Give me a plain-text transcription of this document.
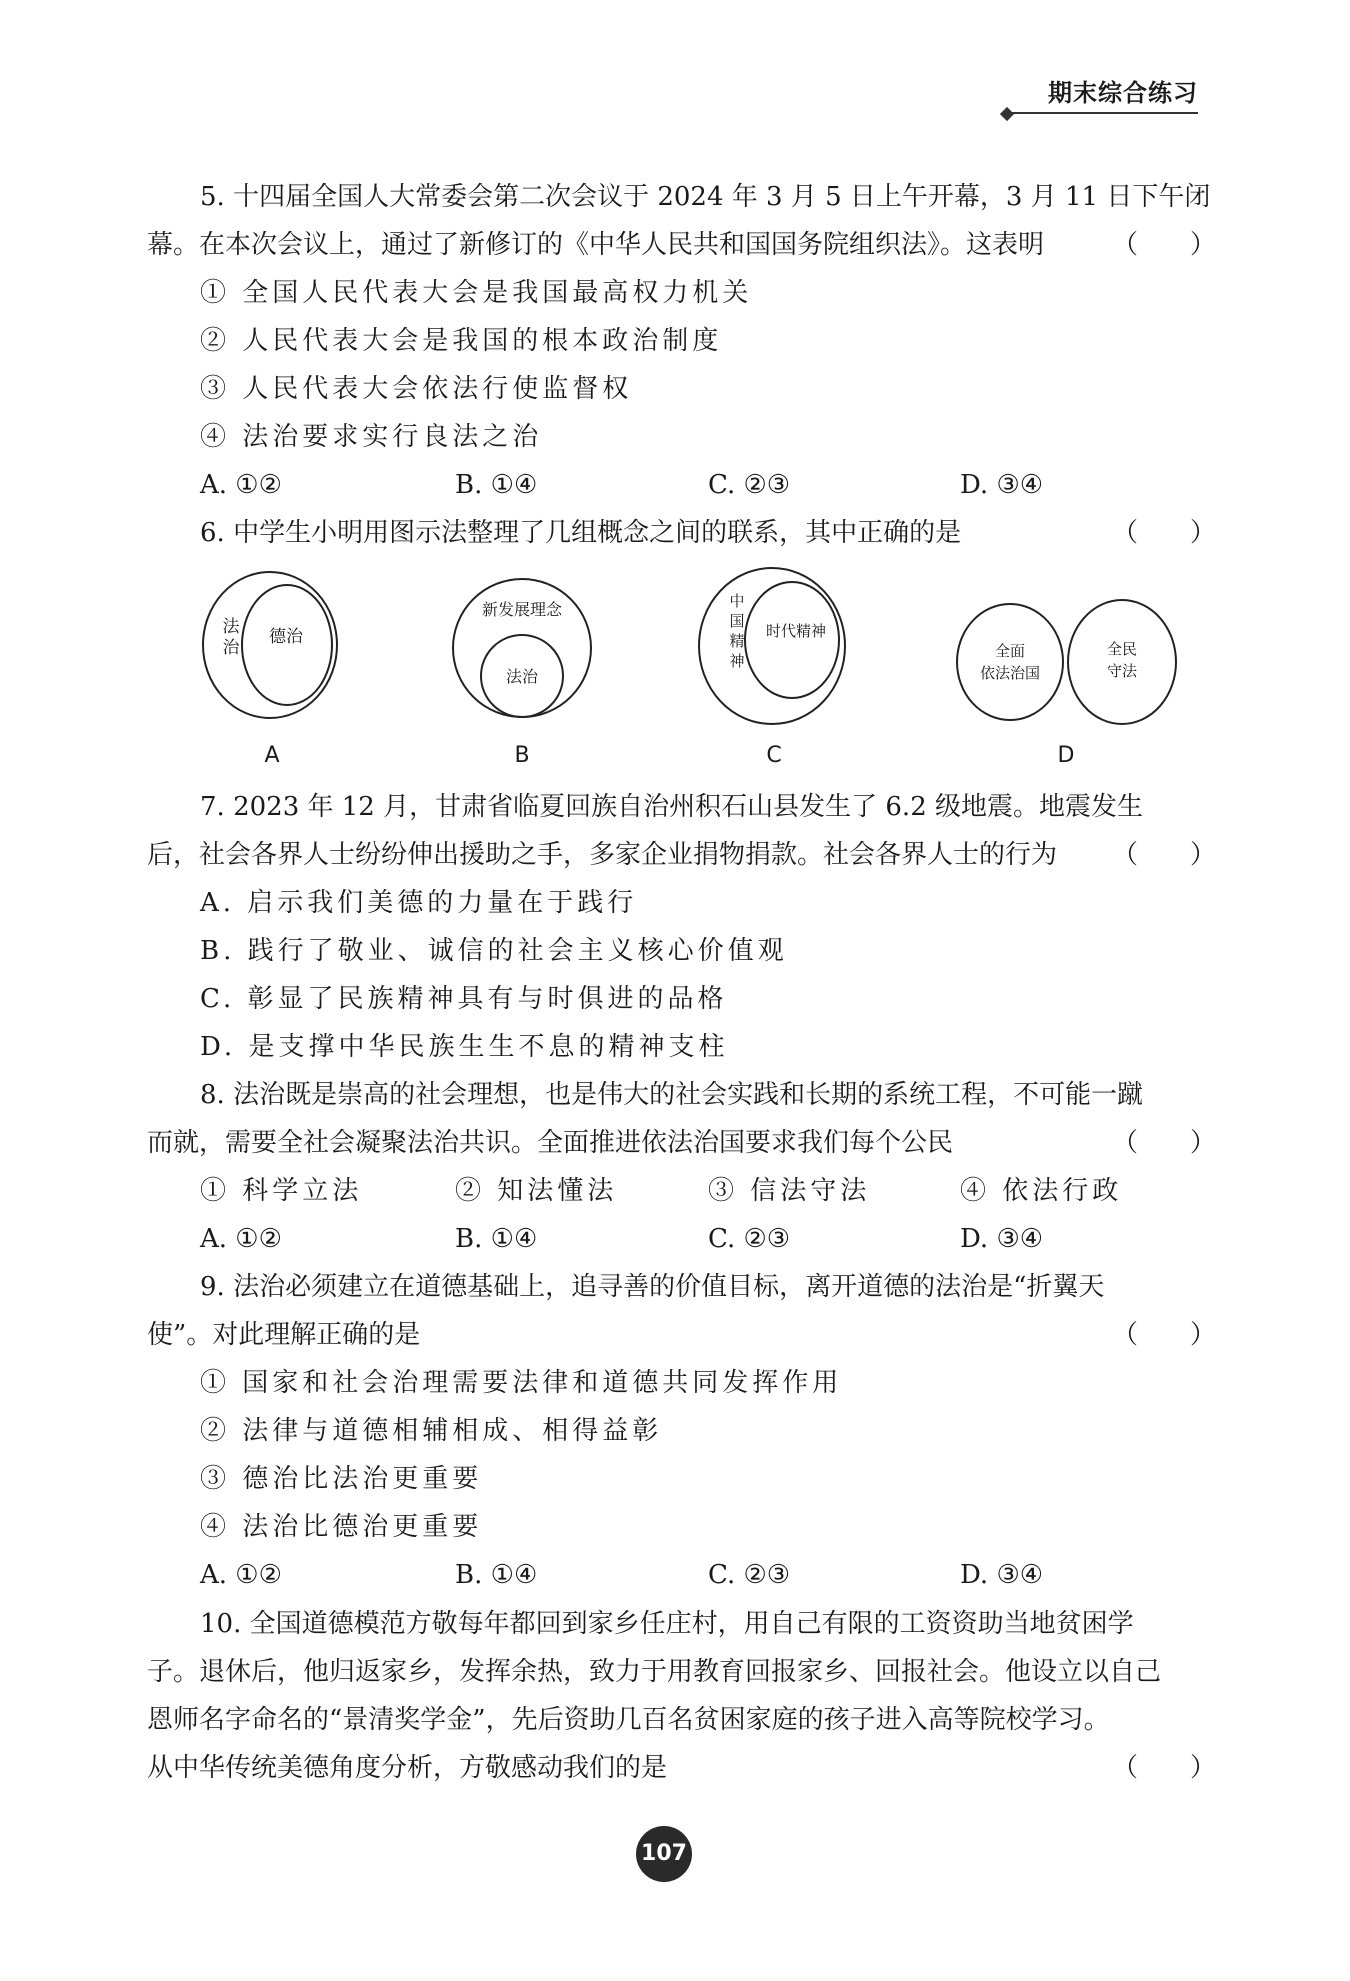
期末综合练习
5. 十四届全国人大常委会第二次会议于 2024 年 3 月 5 日上午开幕，3 月 11 日下午闭
幕。在本次会议上，通过了新修订的《中华人民共和国国务院组织法》。这表明	（　　）
① 全国人民代表大会是我国最高权力机关
② 人民代表大会是我国的根本政治制度
③ 人民代表大会依法行使监督权
④ 法治要求实行良法之治
A. ①②	B. ①④	C. ②③	D. ③④
6. 中学生小明用图示法整理了几组概念之间的联系，其中正确的是	（　　）
法
治
德治
A
新发展理念
法治
B
中
国
精
神
时代精神
C
全面
依法治国
全民
守法
D
7. 2023 年 12 月，甘肃省临夏回族自治州积石山县发生了 6.2 级地震。地震发生
后，社会各界人士纷纷伸出援助之手，多家企业捐物捐款。社会各界人士的行为 （　　）
A. 启示我们美德的力量在于践行
B. 践行了敬业、诚信的社会主义核心价值观
C. 彰显了民族精神具有与时俱进的品格
D. 是支撑中华民族生生不息的精神支柱
8. 法治既是崇高的社会理想，也是伟大的社会实践和长期的系统工程，不可能一蹴
而就，需要全社会凝聚法治共识。全面推进依法治国要求我们每个公民	（　　）
① 科学立法	② 知法懂法	③ 信法守法	④ 依法行政
A. ①②	B. ①④	C. ②③	D. ③④
9. 法治必须建立在道德基础上，追寻善的价值目标，离开道德的法治是“折翼天
使”。对此理解正确的是	（　　）
① 国家和社会治理需要法律和道德共同发挥作用
② 法律与道德相辅相成、相得益彰
③ 德治比法治更重要
④ 法治比德治更重要
A. ①②	B. ①④	C. ②③	D. ③④
10. 全国道德模范方敬每年都回到家乡任庄村，用自己有限的工资资助当地贫困学
子。退休后，他归返家乡，发挥余热，致力于用教育回报家乡、回报社会。他设立以自己
恩师名字命名的“景清奖学金”，先后资助几百名贫困家庭的孩子进入高等院校学习。
从中华传统美德角度分析，方敬感动我们的是	（　　）
107
